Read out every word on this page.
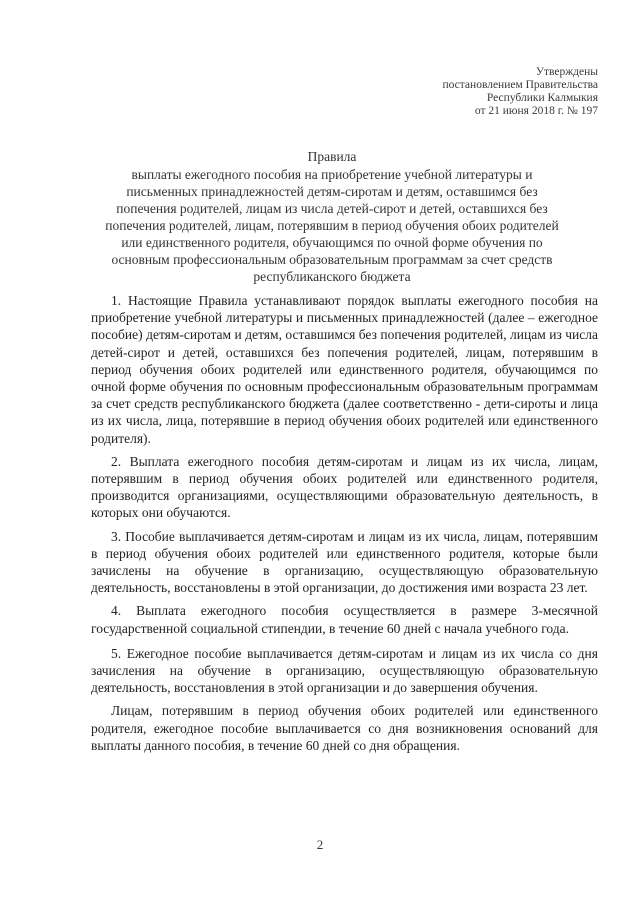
Утверждены
постановлением Правительства
Республики Калмыкия
от 21 июня 2018 г. № 197
Правила
выплаты ежегодного пособия на приобретение учебной литературы и
письменных принадлежностей детям-сиротам и детям, оставшимся без
попечения родителей, лицам из числа детей-сирот и детей, оставшихся без
попечения родителей, лицам, потерявшим в период обучения обоих родителей
или единственного родителя, обучающимся по очной форме обучения по
основным профессиональным образовательным программам за счет средств
республиканского бюджета

1. Настоящие Правила устанавливают порядок выплаты ежегодного пособия на приобретение учебной литературы и письменных принадлежностей (далее – ежегодное пособие) детям-сиротам и детям, оставшимся без попечения родителей, лицам из числа детей-сирот и детей, оставшихся без попечения родителей, лицам, потерявшим в период обучения обоих родителей или единственного родителя, обучающимся по очной форме обучения по основным профессиональным образовательным программам за счет средств республиканского бюджета (далее соответственно - дети-сироты и лица из их числа, лица, потерявшие в период обучения обоих родителей или единственного родителя).

2. Выплата ежегодного пособия детям-сиротам и лицам из их числа, лицам, потерявшим в период обучения обоих родителей или единственного родителя, производится организациями, осуществляющими образовательную деятельность, в которых они обучаются.

3. Пособие выплачивается детям-сиротам и лицам из их числа, лицам, потерявшим в период обучения обоих родителей или единственного родителя, которые были зачислены на обучение в организацию, осуществляющую образовательную деятельность, восстановлены в этой организации, до достижения ими возраста 23 лет.

4. Выплата ежегодного пособия осуществляется в размере 3-месячной государственной социальной стипендии, в течение 60 дней с начала учебного года.

5. Ежегодное пособие выплачивается детям-сиротам и лицам из их числа со дня зачисления на обучение в организацию, осуществляющую образовательную деятельность, восстановления в этой организации и до завершения обучения.

Лицам, потерявшим в период обучения обоих родителей или единственного родителя, ежегодное пособие выплачивается со дня возникновения оснований для выплаты данного пособия, в течение 60 дней со дня обращения.

2
